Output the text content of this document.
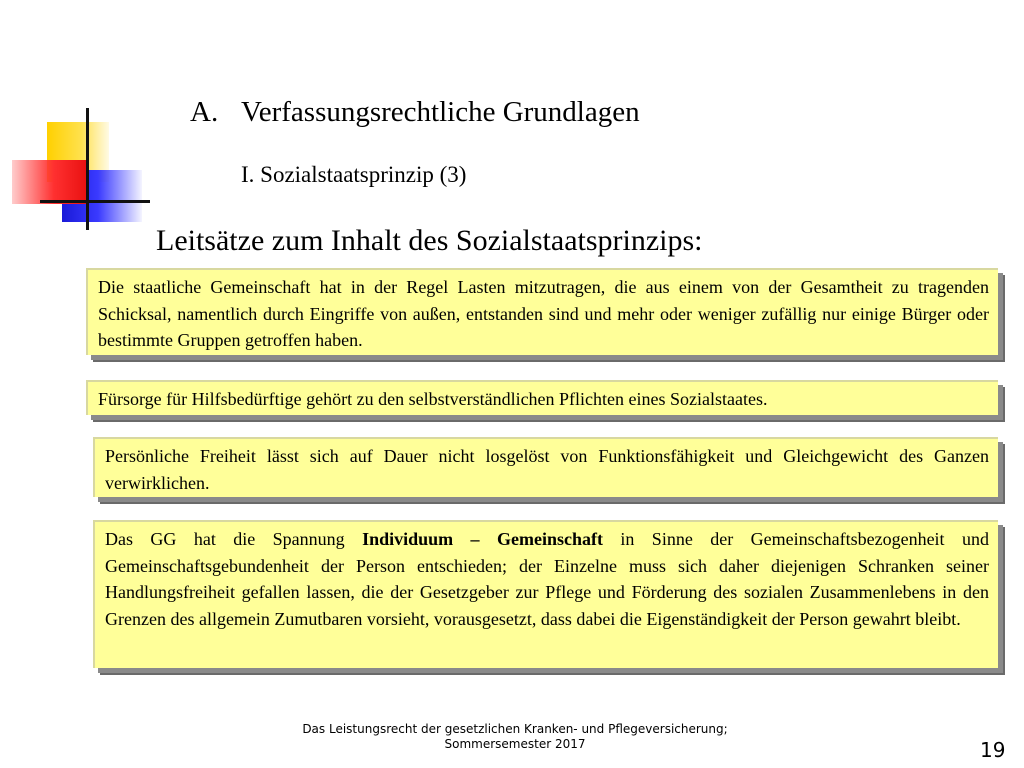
A. Verfassungsrechtliche Grundlagen
I. Sozialstaatsprinzip (3)
Leitsätze zum Inhalt des Sozialstaatsprinzips:
Die staatliche Gemeinschaft hat in der Regel Lasten mitzutragen, die aus einem von der Gesamtheit zu tragenden Schicksal, namentlich durch Eingriffe von außen, entstanden sind und mehr oder weniger zufällig nur einige Bürger oder bestimmte Gruppen getroffen haben.
Fürsorge für Hilfsbedürftige gehört zu den selbstverständlichen Pflichten eines Sozialstaates.
Persönliche Freiheit lässt sich auf Dauer nicht losgelöst von Funktionsfähigkeit und Gleichgewicht des Ganzen verwirklichen.
Das GG hat die Spannung Individuum – Gemeinschaft in Sinne der Gemeinschaftsbezogenheit und Gemeinschaftsgebundenheit der Person entschieden; der Einzelne muss sich daher diejenigen Schranken seiner Handlungsfreiheit gefallen lassen, die der Gesetzgeber zur Pflege und Förderung des sozialen Zusammenlebens in den Grenzen des allgemein Zumutbaren vorsieht, vorausgesetzt, dass dabei die Eigenständigkeit der Person gewahrt bleibt.
Das Leistungsrecht der gesetzlichen Kranken- und Pflegeversicherung;
Sommersemester 2017	19
